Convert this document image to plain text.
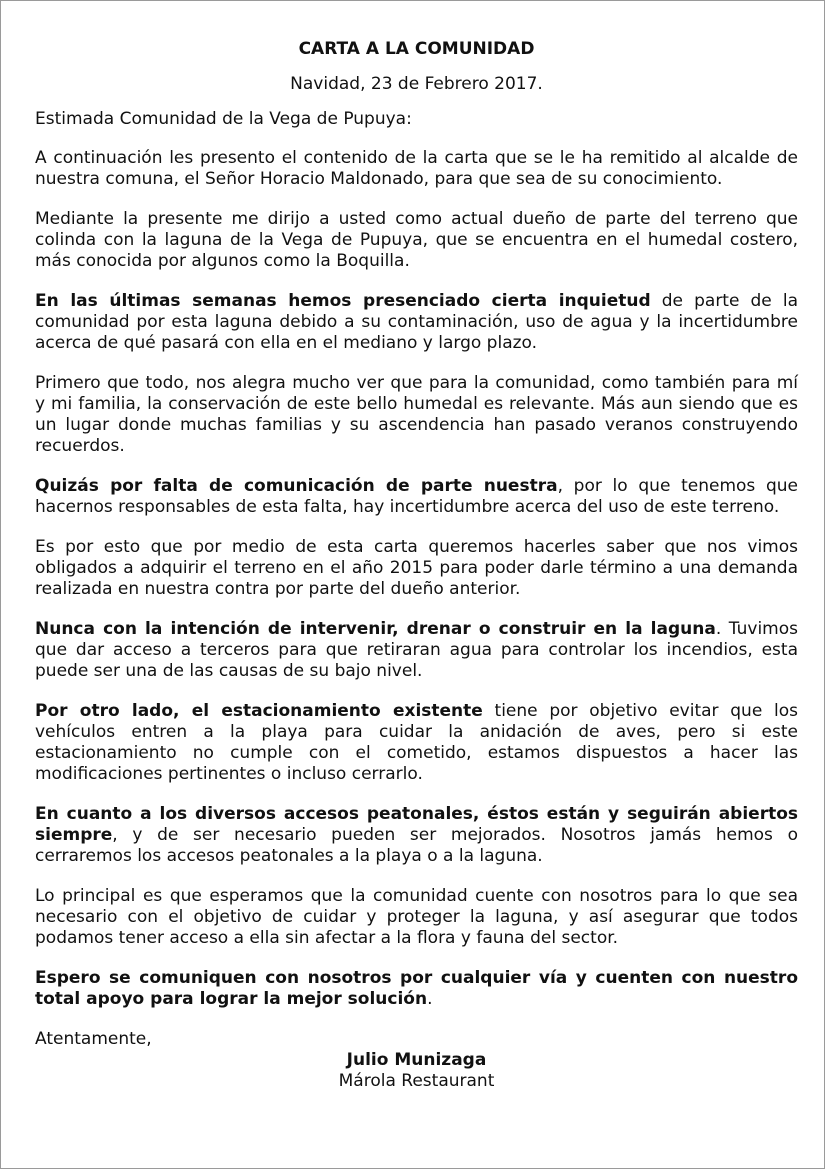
CARTA A LA COMUNIDAD
Navidad, 23 de Febrero 2017.
Estimada Comunidad de la Vega de Pupuya:

A continuación les presento el contenido de la carta que se le ha remitido al alcalde de nuestra comuna, el Señor Horacio Maldonado, para que sea de su conocimiento.

Mediante la presente me dirijo a usted como actual dueño de parte del terreno que colinda con la laguna de la Vega de Pupuya, que se encuentra en el humedal costero, más conocida por algunos como la Boquilla.

En las últimas semanas hemos presenciado cierta inquietud de parte de la comunidad por esta laguna debido a su contaminación, uso de agua y la incertidumbre acerca de qué pasará con ella en el mediano y largo plazo.

Primero que todo, nos alegra mucho ver que para la comunidad, como también para mí y mi familia, la conservación de este bello humedal es relevante. Más aun siendo que es un lugar donde muchas familias y su ascendencia han pasado veranos construyendo recuerdos.

Quizás por falta de comunicación de parte nuestra, por lo que tenemos que hacernos responsables de esta falta, hay incertidumbre acerca del uso de este terreno.

Es por esto que por medio de esta carta queremos hacerles saber que nos vimos obligados a adquirir el terreno en el año 2015 para poder darle término a una demanda realizada en nuestra contra por parte del dueño anterior.

Nunca con la intención de intervenir, drenar o construir en la laguna. Tuvimos que dar acceso a terceros para que retiraran agua para controlar los incendios, esta puede ser una de las causas de su bajo nivel.

Por otro lado, el estacionamiento existente tiene por objetivo evitar que los vehículos entren a la playa para cuidar la anidación de aves, pero si este estacionamiento no cumple con el cometido, estamos dispuestos a hacer las modificaciones pertinentes o incluso cerrarlo.

En cuanto a los diversos accesos peatonales, éstos están y seguirán abiertos siempre, y de ser necesario pueden ser mejorados. Nosotros jamás hemos o cerraremos los accesos peatonales a la playa o a la laguna.

Lo principal es que esperamos que la comunidad cuente con nosotros para lo que sea necesario con el objetivo de cuidar y proteger la laguna, y así asegurar que todos podamos tener acceso a ella sin afectar a la flora y fauna del sector.

Espero se comuniquen con nosotros por cualquier vía y cuenten con nuestro total apoyo para lograr la mejor solución.

Atentamente,
Julio Munizaga
Márola Restaurant
